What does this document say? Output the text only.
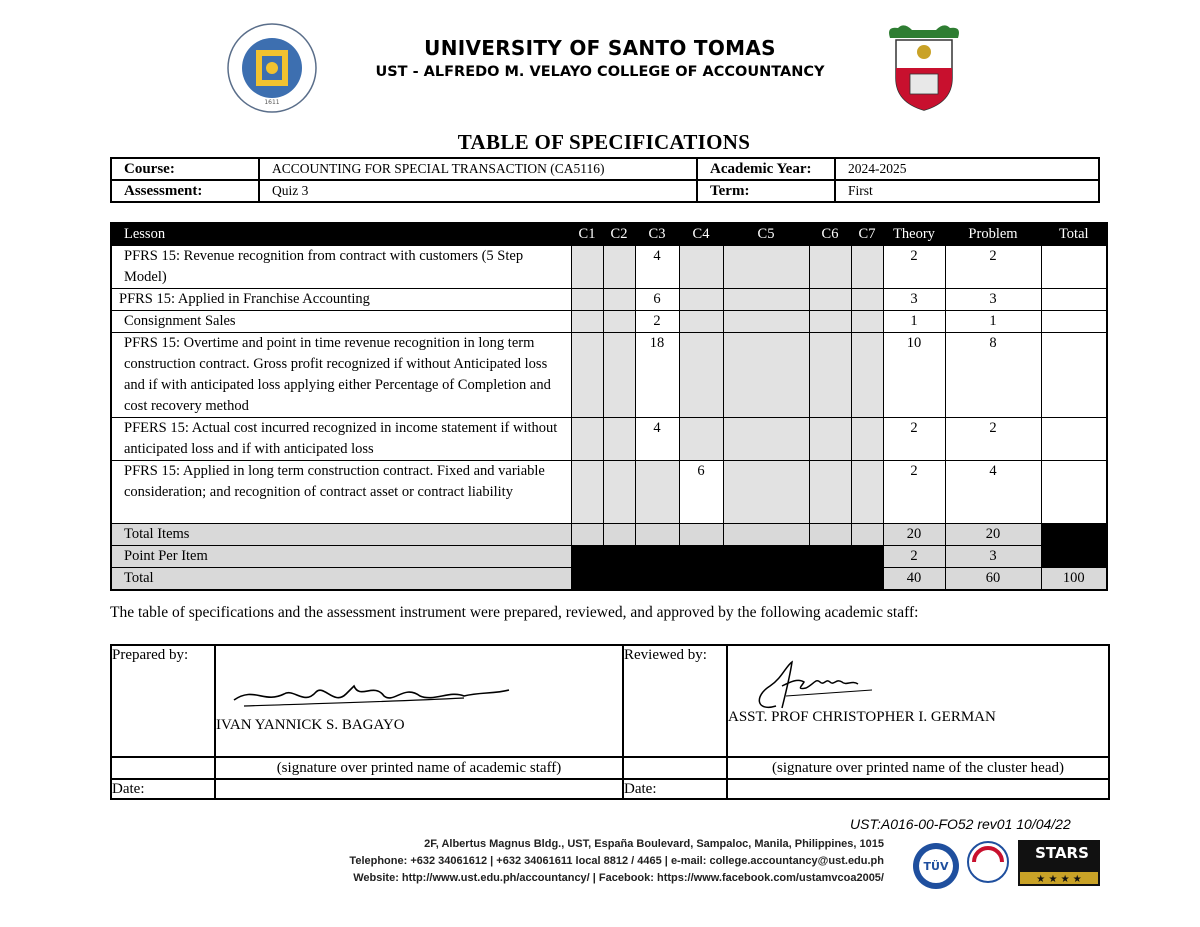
1611
UNIVERSITY OF SANTO TOMAS
UST - ALFREDO M. VELAYO COLLEGE OF ACCOUNTANCY
TABLE OF SPECIFICATIONS
Course:	ACCOUNTING FOR SPECIAL TRANSACTION (CA5116)	Academic Year:	2024-2025
Assessment:	Quiz 3	Term:	First
Lesson	C1	C2	C3	C4	C5	C6	C7	Theory	Problem	Total
PFRS 15: Revenue recognition from contract with customers (5 Step Model)			4					2	2	
PFRS 15: Applied in Franchise Accounting			6					3	3	
Consignment Sales			2					1	1	
PFRS 15: Overtime and point in time revenue recognition in long term construction contract. Gross profit recognized if without Anticipated loss and if with anticipated loss applying either Percentage of Completion and cost recovery method			18					10	8	
PFERS 15: Actual cost incurred recognized in income statement if without anticipated loss and if with anticipated loss			4					2	2	
PFRS 15: Applied in long term construction contract. Fixed and variable consideration; and recognition of contract asset or contract liability				6				2	4	
Total Items								20	20	
Point Per Item								2	3	
Total								40	60	100
The table of specifications and the assessment instrument were prepared, reviewed, and approved by the following academic staff:
Prepared by:	IVAN YANNICK S. BAGAYO	Reviewed by:	ASST. PROF CHRISTOPHER I. GERMAN

	(signature over printed name of academic staff)		(signature over printed name of the cluster head)
Date:		Date:	
UST:A016-00-FO52 rev01 10/04/22
2F, Albertus Magnus Bldg., UST, España Boulevard, Sampaloc, Manila, Philippines, 1015
Telephone: +632 34061612 | +632 34061611 local 8812 / 4465 | e-mail: college.accountancy@ust.edu.ph
Website: http://www.ust.edu.ph/accountancy/ | Facebook: https://www.facebook.com/ustamvcoa2005/
TÜV
STARS
★ ★ ★ ★
